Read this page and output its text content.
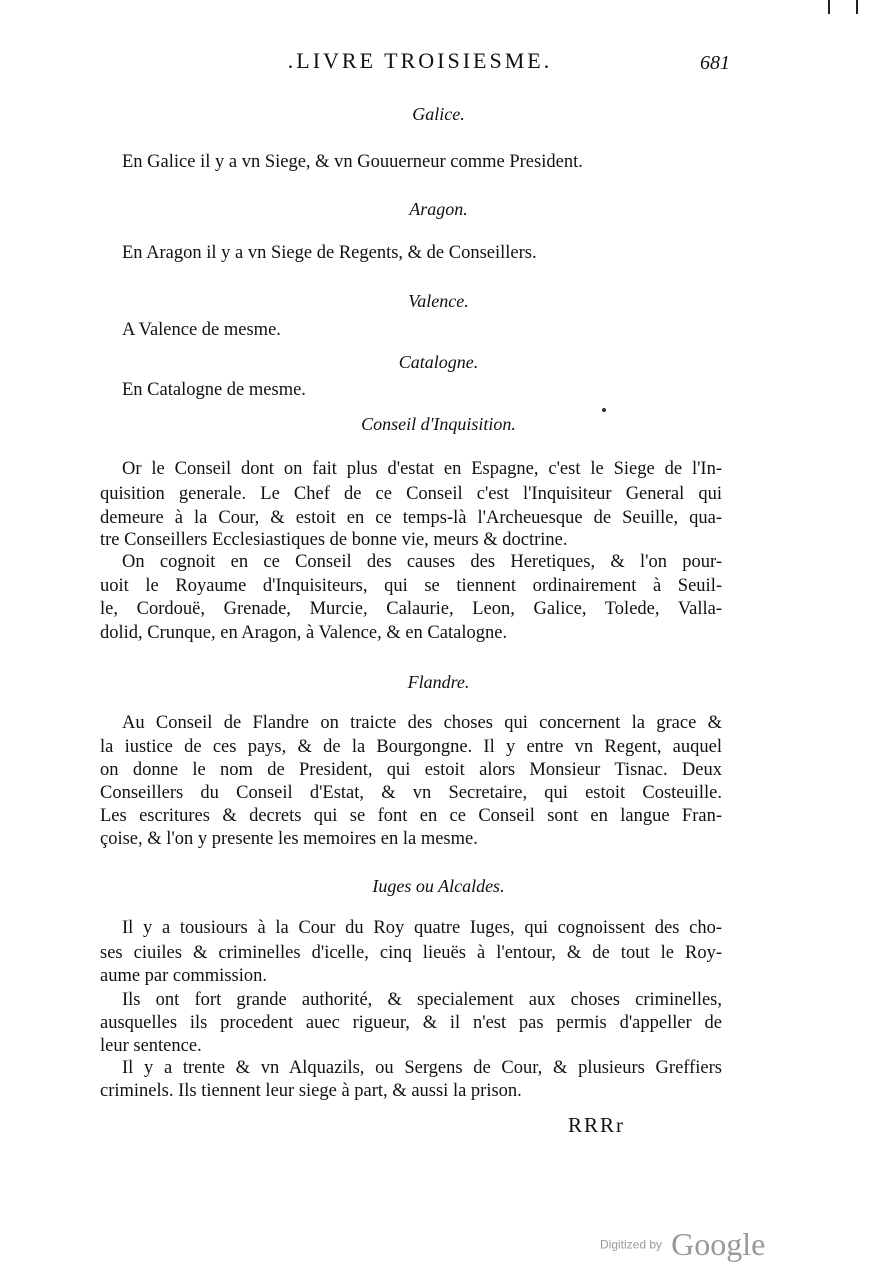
.LIVRE TROISIESME.	681
Galice.
En Galice il y a vn Siege, & vn Gouuerneur comme President.
Aragon.
En Aragon il y a vn Siege de Regents, & de Conseillers.
Valence.
A Valence de mesme.
Catalogne.
En Catalogne de mesme.
Conseil d'Inquisition.
Or le Conseil dont on fait plus d'estat en Espagne, c'est le Siege de l'In-
quisition generale. Le Chef de ce Conseil c'est l'Inquisiteur General qui
demeure à la Cour, & estoit en ce temps-là l'Archeuesque de Seuille, qua-
tre Conseillers Ecclesiastiques de bonne vie, meurs & doctrine.
On cognoit en ce Conseil des causes des Heretiques, & l'on pour-
uoit le Royaume d'Inquisiteurs, qui se tiennent ordinairement à Seuil-
le, Cordouë, Grenade, Murcie, Calaurie, Leon, Galice, Tolede, Valla-
dolid, Crunque, en Aragon, à Valence, & en Catalogne.
Flandre.
Au Conseil de Flandre on traicte des choses qui concernent la grace &
la iustice de ces pays, & de la Bourgongne. Il y entre vn Regent, auquel
on donne le nom de President, qui estoit alors Monsieur Tisnac. Deux
Conseillers du Conseil d'Estat, & vn Secretaire, qui estoit Costeuille.
Les escritures & decrets qui se font en ce Conseil sont en langue Fran-
çoise, & l'on y presente les memoires en la mesme.
Iuges ou Alcaldes.
Il y a tousiours à la Cour du Roy quatre Iuges, qui cognoissent des cho-
ses ciuiles & criminelles d'icelle, cinq lieuës à l'entour, & de tout le Roy-
aume par commission.
Ils ont fort grande authorité, & specialement aux choses criminelles,
ausquelles ils procedent auec rigueur, & il n'est pas permis d'appeller de
leur sentence.
Il y a trente & vn Alquazils, ou Sergens de Cour, & plusieurs Greffiers
criminels. Ils tiennent leur siege à part, & aussi la prison.
RRRr
Digitized by Google
